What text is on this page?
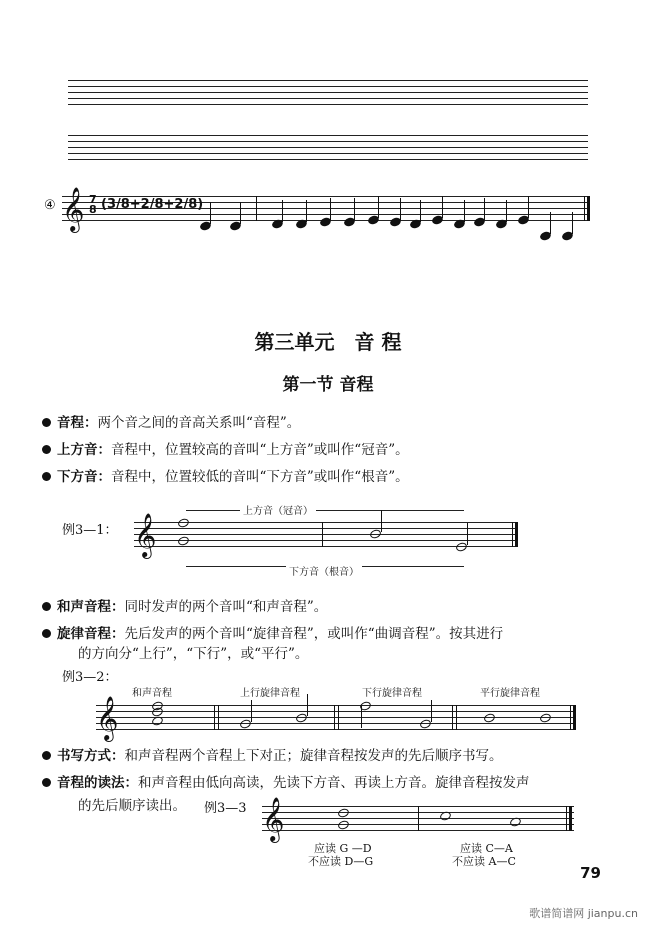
④ 𝄞 7
8 (3/8+2/8+2/8)
第三单元　音 程
第一节 音程
音程：两个音之间的音高关系叫“音程”。
上方音：音程中，位置较高的音叫“上方音”或叫作“冠音”。
下方音：音程中，位置较低的音叫“下方音”或叫作“根音”。
例3—1：
上方音（冠音）
𝄞
下方音（根音）
和声音程：同时发声的两个音叫“和声音程”。
旋律音程：先后发声的两个音叫“旋律音程”，或叫作“曲调音程”。按其进行
的方向分“上行”，“下行”，或“平行”。
例3—2：
和声音程	上行旋律音程	下行旋律音程	平行旋律音程
𝄞
书写方式：和声音程两个音程上下对正；旋律音程按发声的先后顺序书写。
音程的读法：和声音程由低向高读，先读下方音、再读上方音。旋律音程按发声
的先后顺序读出。 例3—3 𝄞
应读 G —D
不应读 D—G
应读 C—A
不应读 A—C
79
歌谱简谱网 jianpu.cn
